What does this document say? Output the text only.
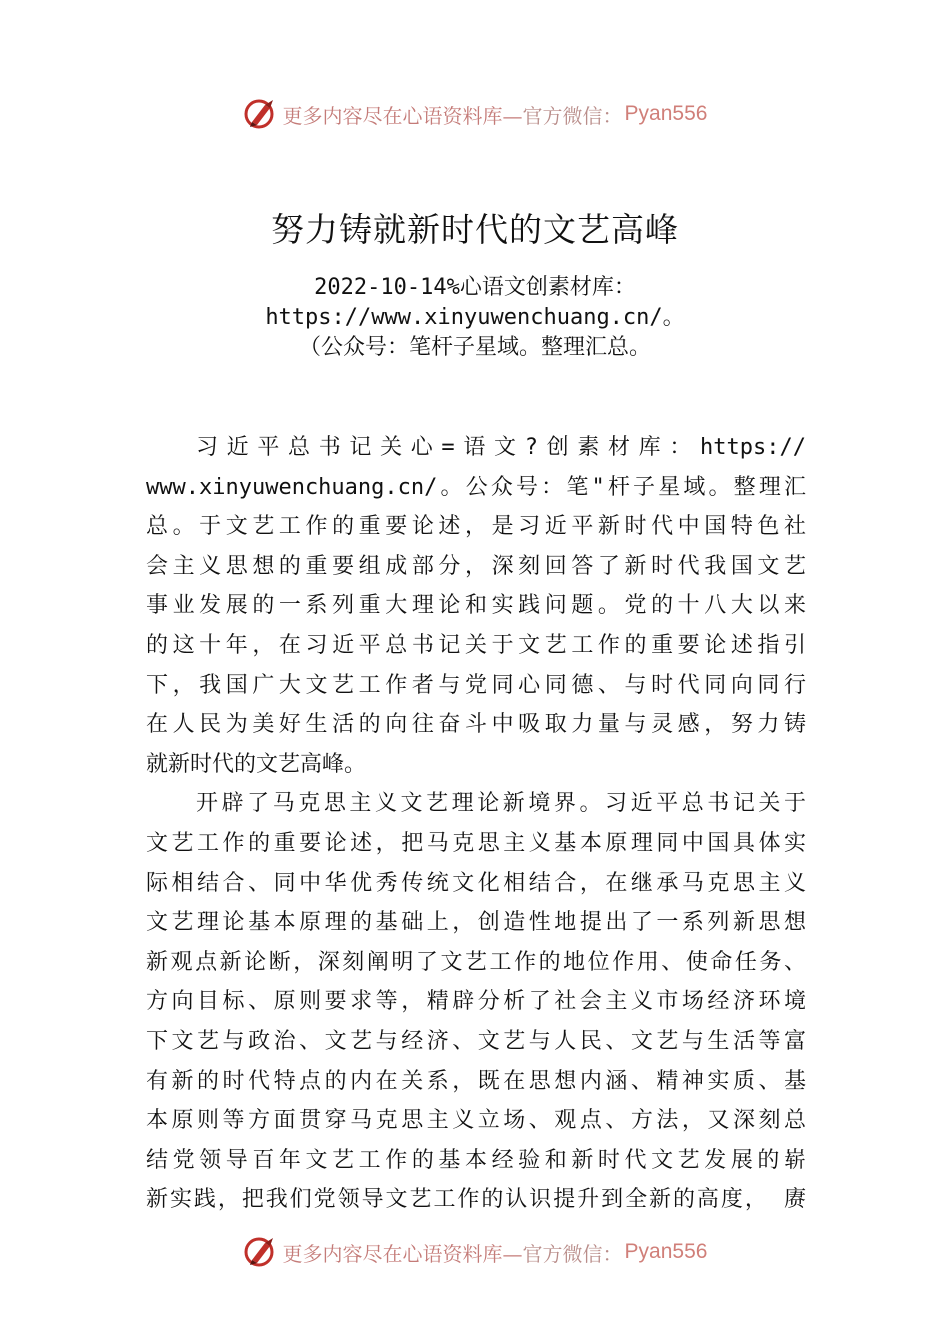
更多内容尽在心语资料库— 官方微信： Pyan556
努力铸就新时代的文艺高峰
2022-10-14%心语文创素材库：
https://www.xinyuwenchuang.cn/。
（公众号：笔杆子星域。整理汇总。
习近平总书记关心=语文?创素材库：https://
www.xinyuwenchuang.cn/。公众号：笔"杆子星域。整理汇
总。于文艺工作的重要论述，是习近平新时代中国特色社
会主义思想的重要组成部分，深刻回答了新时代我国文艺
事业发展的一系列重大理论和实践问题。党的十八大以来
的这十年，在习近平总书记关于文艺工作的重要论述指引
下，我国广大文艺工作者与党同心同德、与时代同向同行
在人民为美好生活的向往奋斗中吸取力量与灵感，努力铸
就新时代的文艺高峰。
开辟了马克思主义文艺理论新境界。习近平总书记关于
文艺工作的重要论述，把马克思主义基本原理同中国具体实
际相结合、同中华优秀传统文化相结合，在继承马克思主义
文艺理论基本原理的基础上，创造性地提出了一系列新思想
新观点新论断，深刻阐明了文艺工作的地位作用、使命任务、
方向目标、原则要求等，精辟分析了社会主义市场经济环境
下文艺与政治、文艺与经济、文艺与人民、文艺与生活等富
有新的时代特点的内在关系，既在思想内涵、精神实质、基
本原则等方面贯穿马克思主义立场、观点、方法，又深刻总
结党领导百年文艺工作的基本经验和新时代文艺发展的崭
新实践，把我们党领导文艺工作的认识提升到全新的高度， 赓
更多内容尽在心语资料库— 官方微信： Pyan556
